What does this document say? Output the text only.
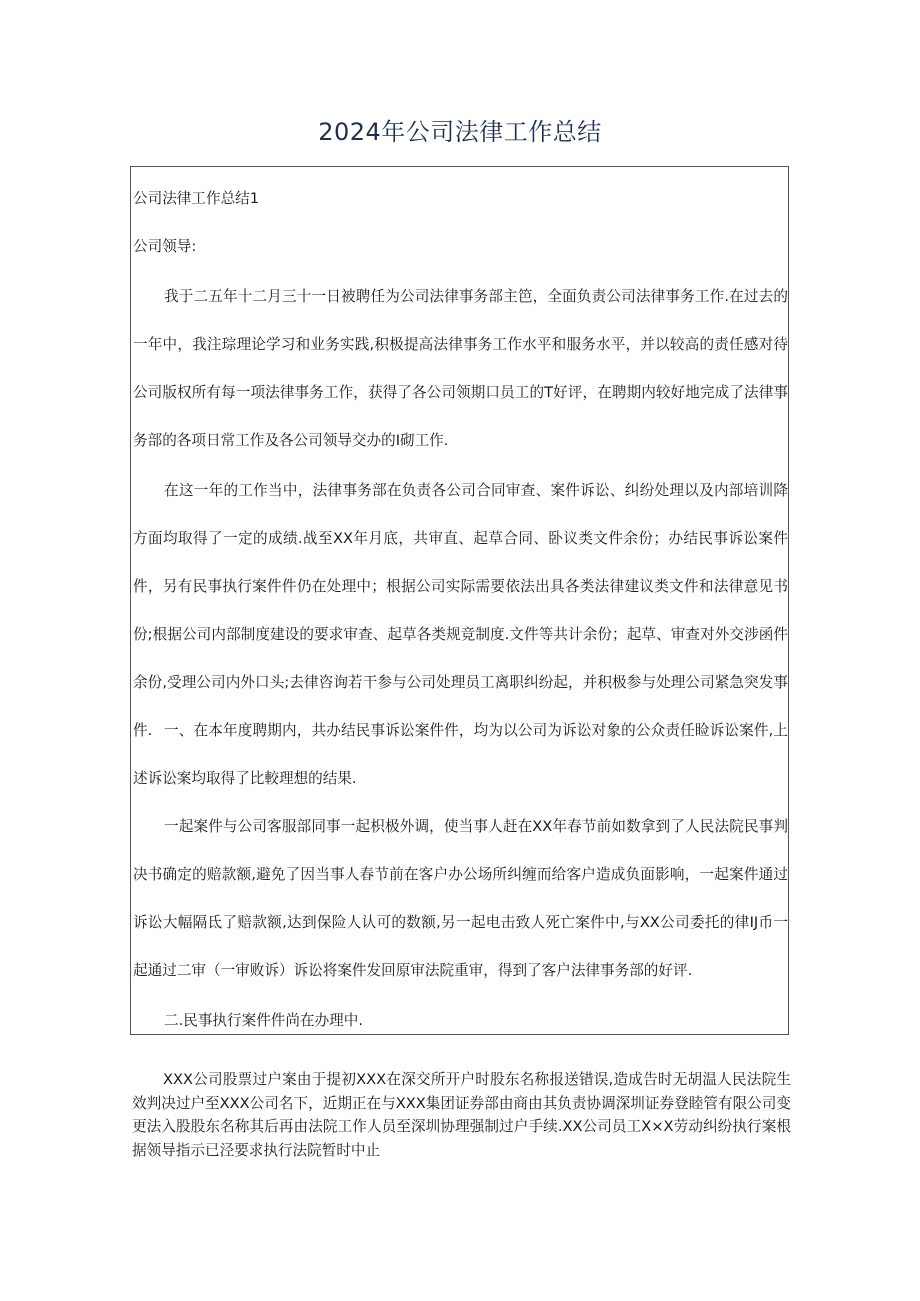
2024年公司法律工作总结

公司法律工作总结1

公司领导:

我于二五年十二月三十一日被聘任为公司法律事务部主笆，全面负责公司法律事务工作.在过去的一年中，我注琮理论学习和业务实践,积极提高法律事务工作水平和服务水平，并以较高的责任感对待公司版权所有每一项法律事务工作，获得了各公司领期口员工的T好评，在聘期内较好地完成了法律事务部的各项日常工作及各公司领导交办的I砌工作.

在这一年的工作当中，法律事务部在负责各公司合同审查、案件诉讼、纠纷处理以及内部培训降方面均取得了一定的成绩.战至XX年月底，共审直、起草合同、卧议类文件余份；办结民事诉讼案件件，另有民事执行案件件仍在处理中；根据公司实际需要依法出具各类法律建议类文件和法律意见书份;根据公司内部制度建设的要求审查、起草各类规竞制度.文件等共计余份；起草、审查对外交涉函件余份,受理公司内外口头;去律咨询若干参与公司处理员工离职纠纷起，并积极参与处理公司紧急突发事件. 一、在本年度聘期内，共办结民事诉讼案件件，均为以公司为诉讼对象的公众责任睑诉讼案件,上述诉讼案均取得了比較理想的结果.

一起案件与公司客服部同事一起枳极外调，使当事人赶在XX年春节前如数拿到了人民法院民事判决书确定的赔款额,避免了因当事人春节前在客户办公场所纠缠而给客户造成负面影响，一起案件通过诉讼大幅隔氐了赔款额,达到保险人认可的数额,另一起电击致人死亡案件中,与XX公司委托的律IJ币一起通过二审（一审败诉）诉讼将案件发回原审法院重审，得到了客户法律事务部的好评.

二.民事执行案件件尚在办理中.

XXX公司股票过户案由于提初XXX在深交所开户时股东名称报送错误,造成告时无胡温人民法院生效判决过户至XXX公司名下，近期正在与XXX集团证券部由商由其负责协调深圳证券登睦管有限公司变更法入股股东名称其后再由法院工作人员至深圳协理强制过户手续.XX公司员工X×X劳动纠纷执行案根据领导指示已泾要求执行法院暂时中止
